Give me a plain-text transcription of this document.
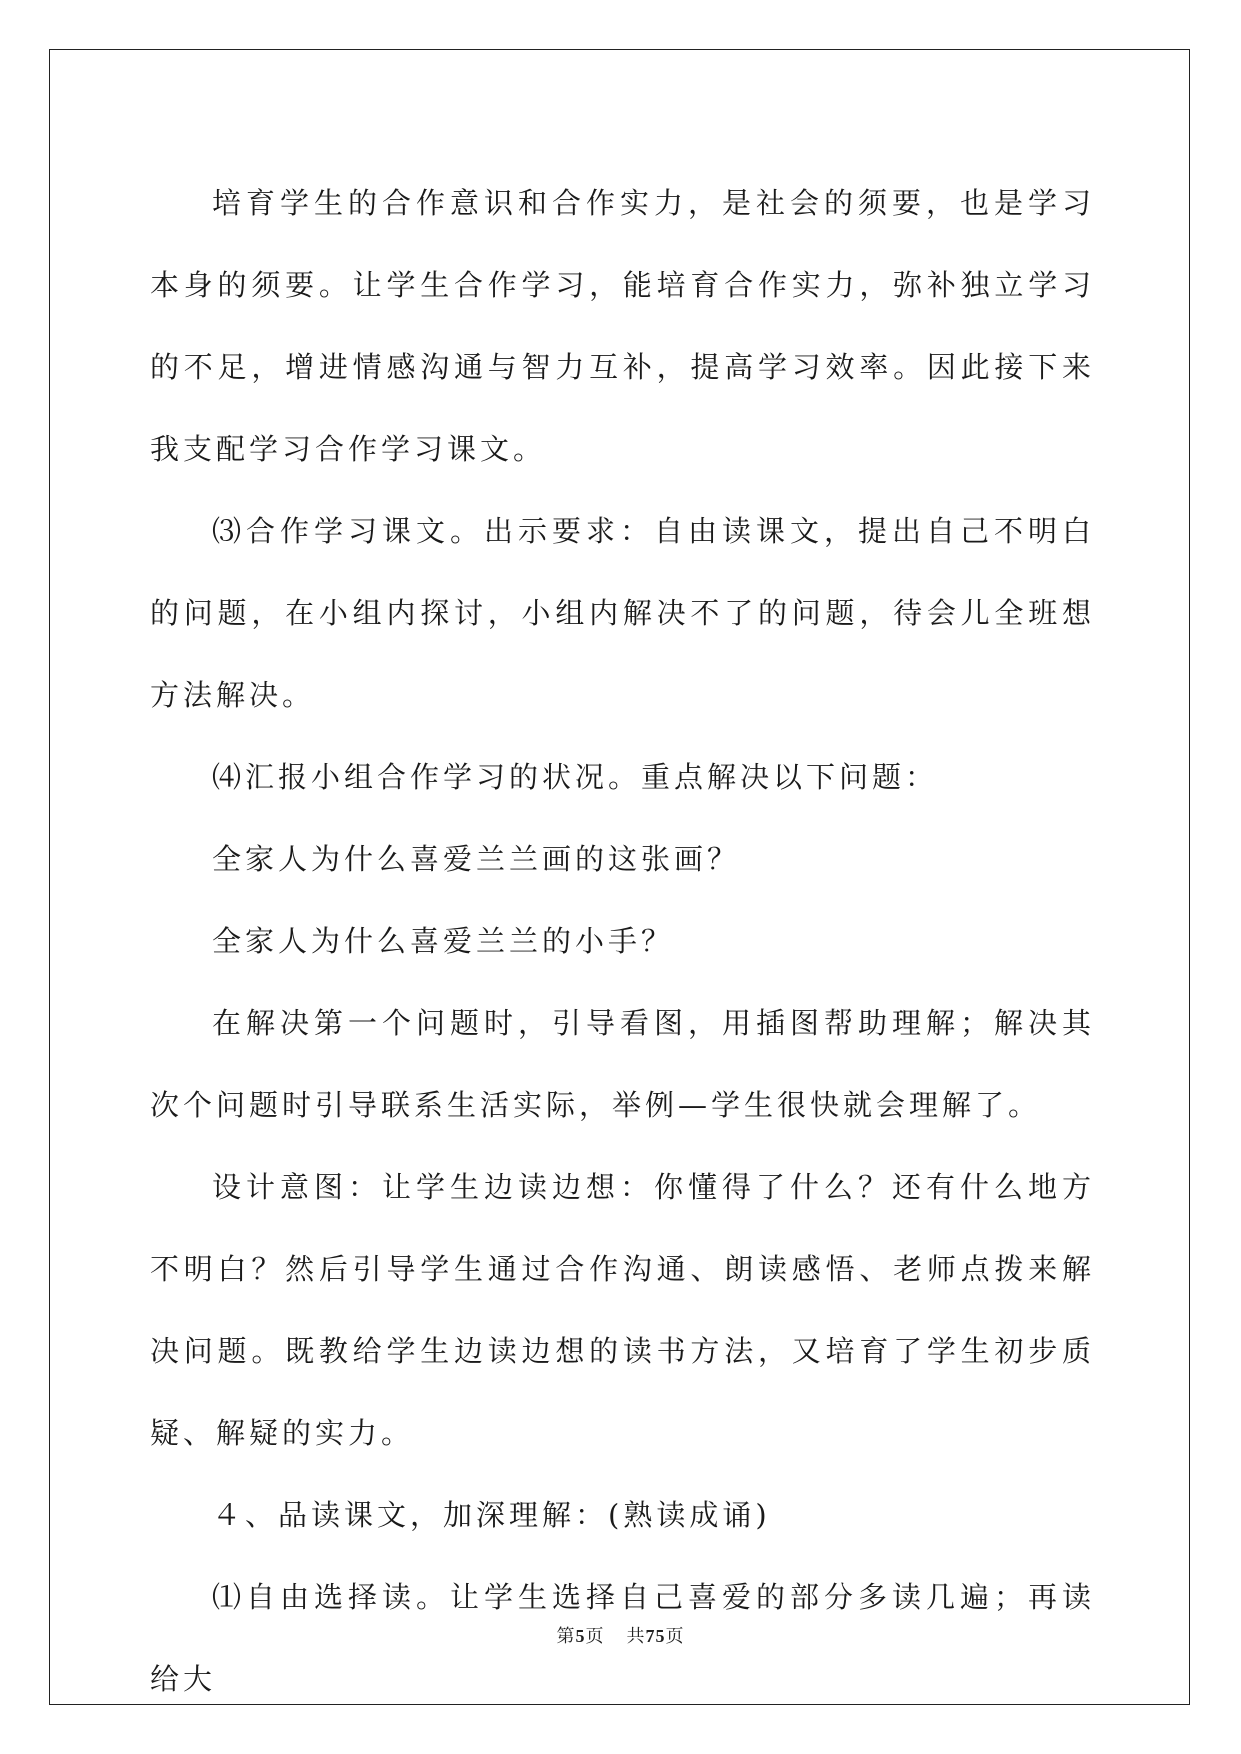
培育学生的合作意识和合作实力，是社会的须要，也是学习本身的须要。让学生合作学习，能培育合作实力，弥补独立学习的不足，增进情感沟通与智力互补，提高学习效率。因此接下来我支配学习合作学习课文。

⑶合作学习课文。出示要求：自由读课文，提出自己不明白的问题，在小组内探讨，小组内解决不了的问题，待会儿全班想方法解决。

⑷汇报小组合作学习的状况。重点解决以下问题：

全家人为什么喜爱兰兰画的这张画？

全家人为什么喜爱兰兰的小手？

在解决第一个问题时，引导看图，用插图帮助理解；解决其次个问题时引导联系生活实际，举例—学生很快就会理解了。

设计意图：让学生边读边想：你懂得了什么？还有什么地方不明白？然后引导学生通过合作沟通、朗读感悟、老师点拨来解决问题。既教给学生边读边想的读书方法，又培育了学生初步质疑、解疑的实力。

４、品读课文，加深理解：(熟读成诵)

⑴自由选择读。让学生选择自己喜爱的部分多读几遍；再读给大

第5页 共75页
